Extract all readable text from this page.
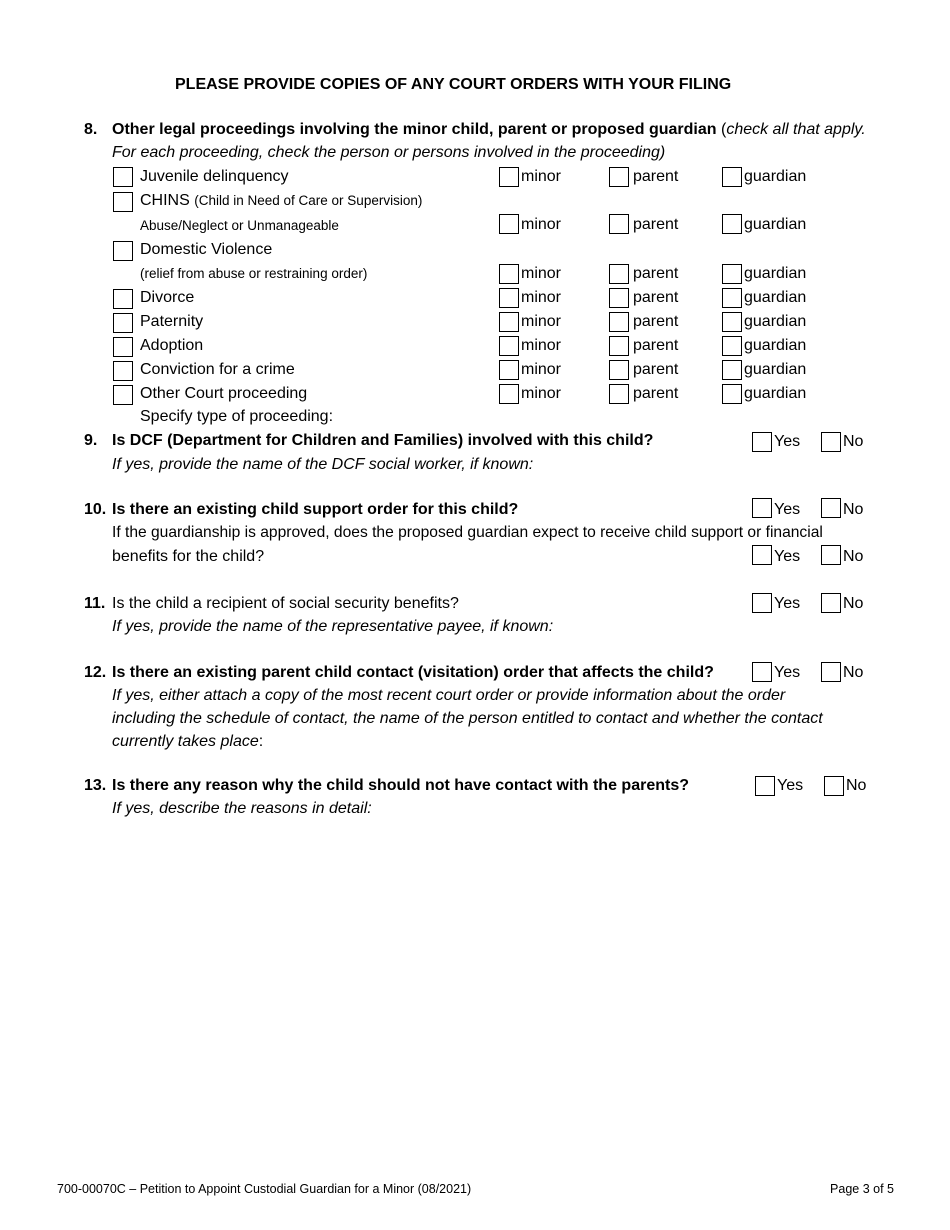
PLEASE PROVIDE COPIES OF ANY COURT ORDERS WITH YOUR FILING
8. Other legal proceedings involving the minor child, parent or proposed guardian (check all that apply.
For each proceeding, check the person or persons involved in the proceeding)
Juvenile delinquency	minor	parent	guardian
CHINS (Child in Need of Care or Supervision)
Abuse/Neglect or Unmanageable	minor	parent	guardian
Domestic Violence
(relief from abuse or restraining order)	minor	parent	guardian
Divorce	minor	parent	guardian
Paternity	minor	parent	guardian
Adoption	minor	parent	guardian
Conviction for a crime	minor	parent	guardian
Other Court proceeding	minor	parent	guardian
Specify type of proceeding:
9. Is DCF (Department for Children and Families) involved with this child?	Yes	No
If yes, provide the name of the DCF social worker, if known:
10. Is there an existing child support order for this child?	Yes	No
If the guardianship is approved, does the proposed guardian expect to receive child support or financial
benefits for the child?	Yes	No
11. Is the child a recipient of social security benefits?	Yes	No
If yes, provide the name of the representative payee, if known:
12. Is there an existing parent child contact (visitation) order that affects the child?	Yes	No
If yes, either attach a copy of the most recent court order or provide information about the order
including the schedule of contact, the name of the person entitled to contact and whether the contact
currently takes place:
13. Is there any reason why the child should not have contact with the parents?	Yes	No
If yes, describe the reasons in detail:
700-00070C – Petition to Appoint Custodial Guardian for a Minor (08/2021)	Page 3 of 5
